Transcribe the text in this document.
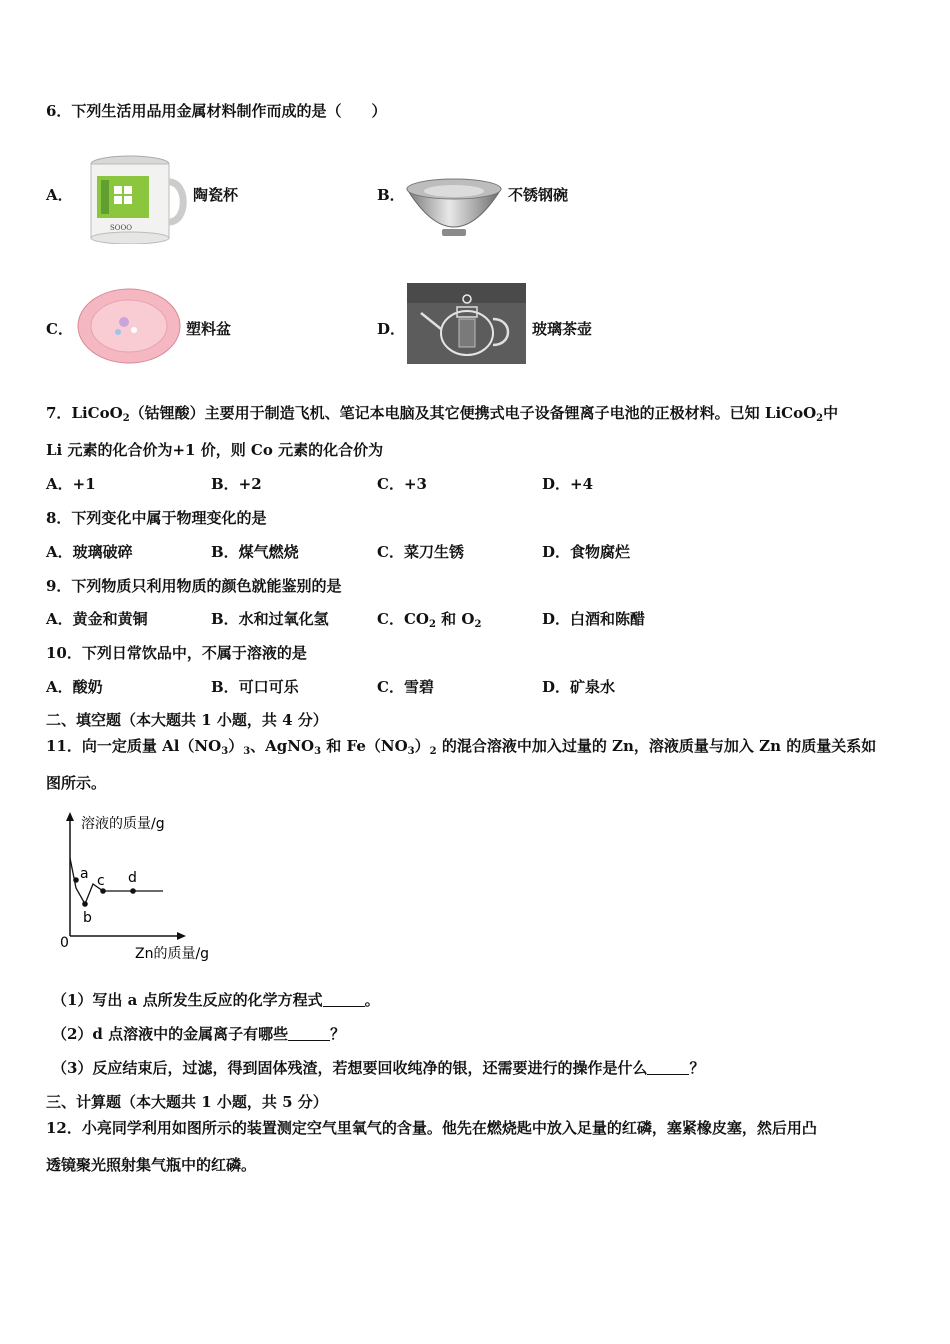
6．下列生活用品用金属材料制作而成的是（　　）
A．
SOOO
陶瓷杯	B．	不锈钢碗
C．	塑料盆	D．	玻璃茶壶
7．LiCoO$_2$（钴锂酸）主要用于制造飞机、笔记本电脑及其它便携式电子设备锂离子电池的正极材料。已知 LiCoO$_2$中
Li 元素的化合价为+1 价，则 Co 元素的化合价为
A．+1	B．+2	C．+3	D．+4
8．下列变化中属于物理变化的是
A．玻璃破碎	B．煤气燃烧	C．菜刀生锈	D．食物腐烂
9．下列物质只利用物质的颜色就能鉴别的是
A．黄金和黄铜	B．水和过氧化氢	C．$CO_2$ 和 $O_2$	D．白酒和陈醋
10．下列日常饮品中，不属于溶液的是
A．酸奶	B．可口可乐	C．雪碧	D．矿泉水
二、填空题（本大题共 1 小题，共 4 分）
11．向一定质量 $Al(NO_3)_3$、AgNO$_3$ 和 $Fe(NO_3)_2$ 的混合溶液中加入过量的 Zn，溶液质量与加入 Zn 的质量关系如
图所示。
溶液的质量/g
Zn的质量/g
0
a
b
c d
（1）写出 a 点所发生反应的化学方程式	。
（2）d 点溶液中的金属离子有哪些	？
（3）反应结束后，过滤，得到固体残渣，若想要回收纯净的银，还需要进行的操作是什么	？
三、计算题（本大题共 1 小题，共 5 分）
12．小亮同学利用如图所示的装置测定空气里氧气的含量。他先在燃烧匙中放入足量的红磷，塞紧橡皮塞，然后用凸
透镜聚光照射集气瓶中的红磷。
